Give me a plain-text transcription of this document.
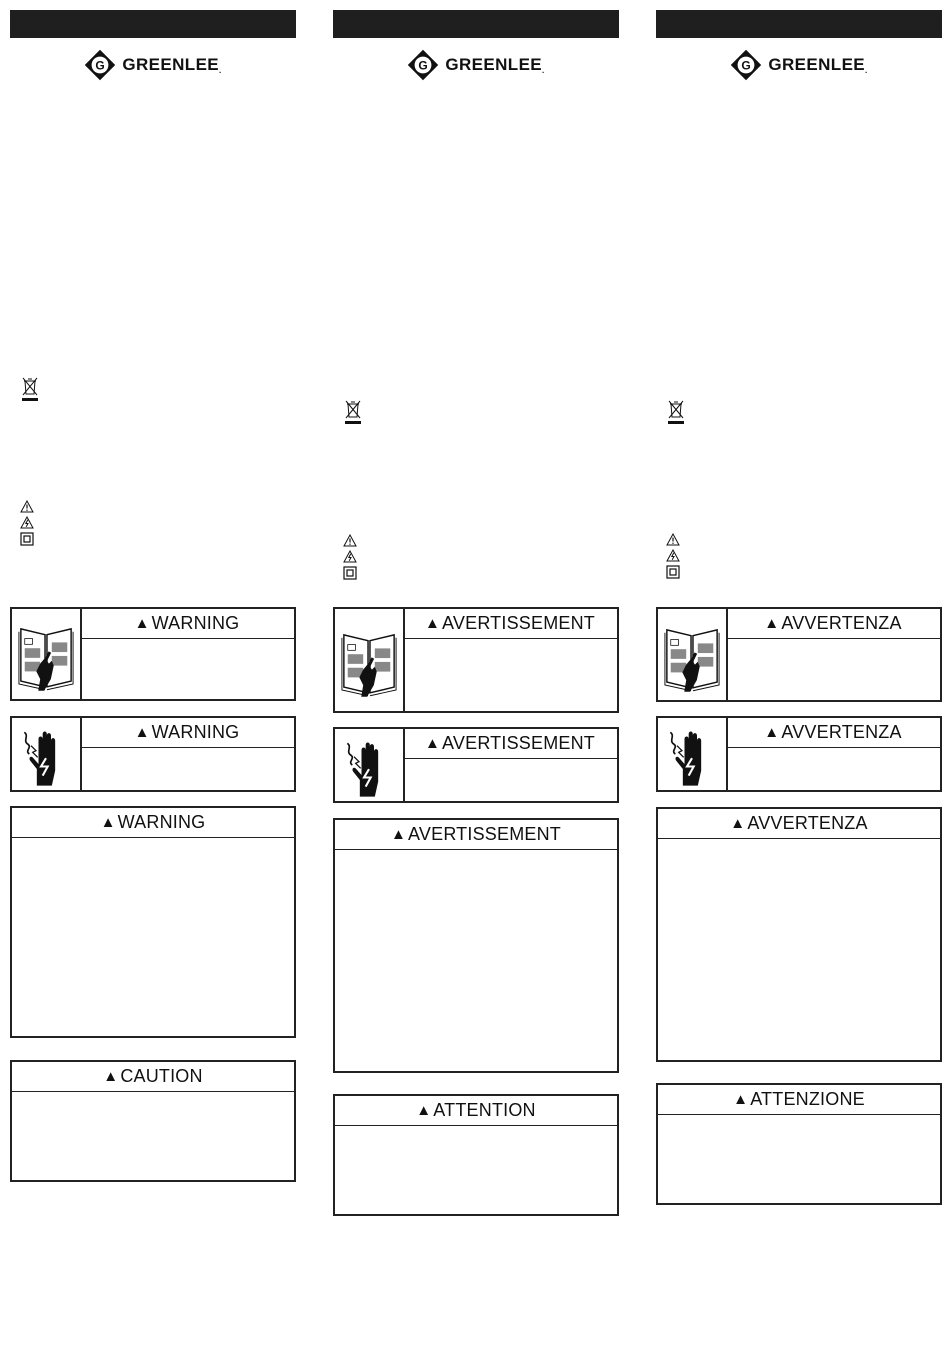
GREENLEE.
▲ WARNING
▲ WARNING
▲ WARNING
▲ CAUTION
GREENLEE.
▲ AVERTISSEMENT
▲ AVERTISSEMENT
▲ AVERTISSEMENT
▲ ATTENTION
GREENLEE.
▲ AVVERTENZA
▲ AVVERTENZA
▲ AVVERTENZA
▲ ATTENZIONE
